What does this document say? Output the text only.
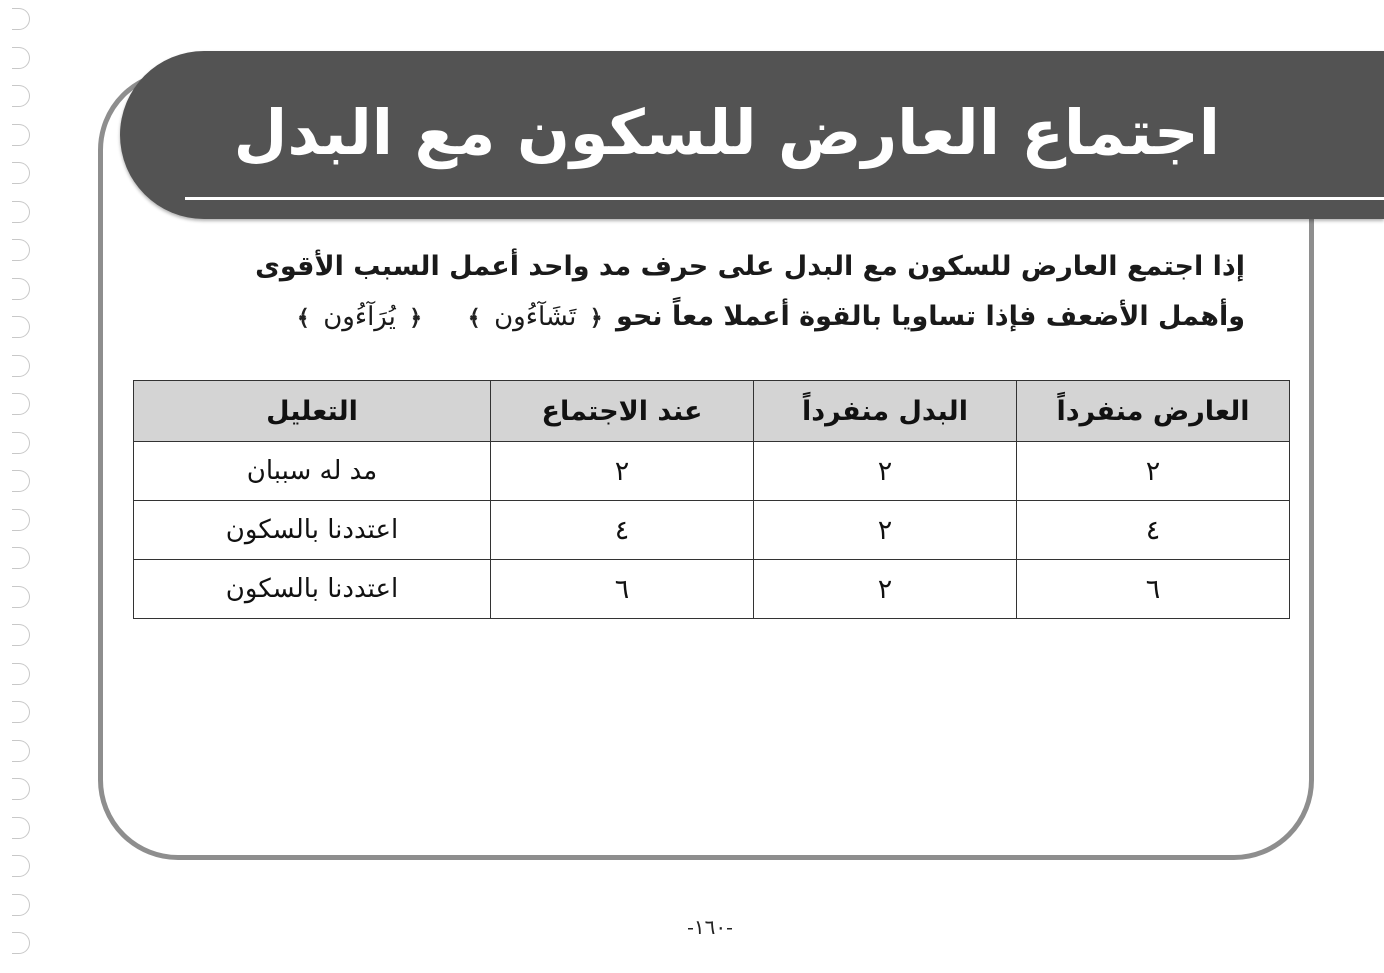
اجتماع العارض للسكون مع البدل
إذا اجتمع العارض للسكون مع البدل على حرف مد واحد أعمل السبب الأقوى
وأهمل الأضعف فإذا تساويا بالقوة أعملا معاً نحو ﴿ تَشَآءُون ﴾    ﴿ يُرَآءُون ﴾
العارض منفرداً	البدل منفرداً	عند الاجتماع	التعليل
٢	٢	٢	مد له سببان
٤	٢	٤	اعتددنا بالسكون
٦	٢	٦	اعتددنا بالسكون
-١٦٠-
